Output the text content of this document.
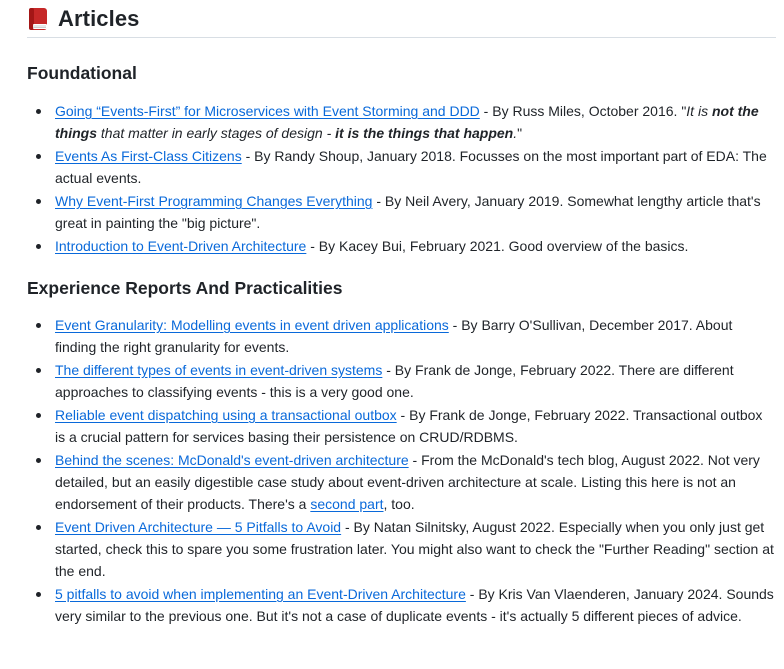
Articles
Foundational
Going “Events-First” for Microservices with Event Storming and DDD - By Russ Miles, October 2016. "It is not the things that matter in early stages of design - it is the things that happen."
Events As First-Class Citizens - By Randy Shoup, January 2018. Focusses on the most important part of EDA: The actual events.
Why Event-First Programming Changes Everything - By Neil Avery, January 2019. Somewhat lengthy article that's great in painting the "big picture".
Introduction to Event-Driven Architecture - By Kacey Bui, February 2021. Good overview of the basics.
Experience Reports And Practicalities
Event Granularity: Modelling events in event driven applications - By Barry O'Sullivan, December 2017. About finding the right granularity for events.
The different types of events in event-driven systems - By Frank de Jonge, February 2022. There are different approaches to classifying events - this is a very good one.
Reliable event dispatching using a transactional outbox - By Frank de Jonge, February 2022. Transactional outbox is a crucial pattern for services basing their persistence on CRUD/RDBMS.
Behind the scenes: McDonald's event-driven architecture - From the McDonald's tech blog, August 2022. Not very detailed, but an easily digestible case study about event-driven architecture at scale. Listing this here is not an endorsement of their products. There's a second part, too.
Event Driven Architecture — 5 Pitfalls to Avoid - By Natan Silnitsky, August 2022. Especially when you only just get started, check this to spare you some frustration later. You might also want to check the "Further Reading" section at the end.
5 pitfalls to avoid when implementing an Event-Driven Architecture - By Kris Van Vlaenderen, January 2024. Sounds very similar to the previous one. But it's not a case of duplicate events - it's actually 5 different pieces of advice.
